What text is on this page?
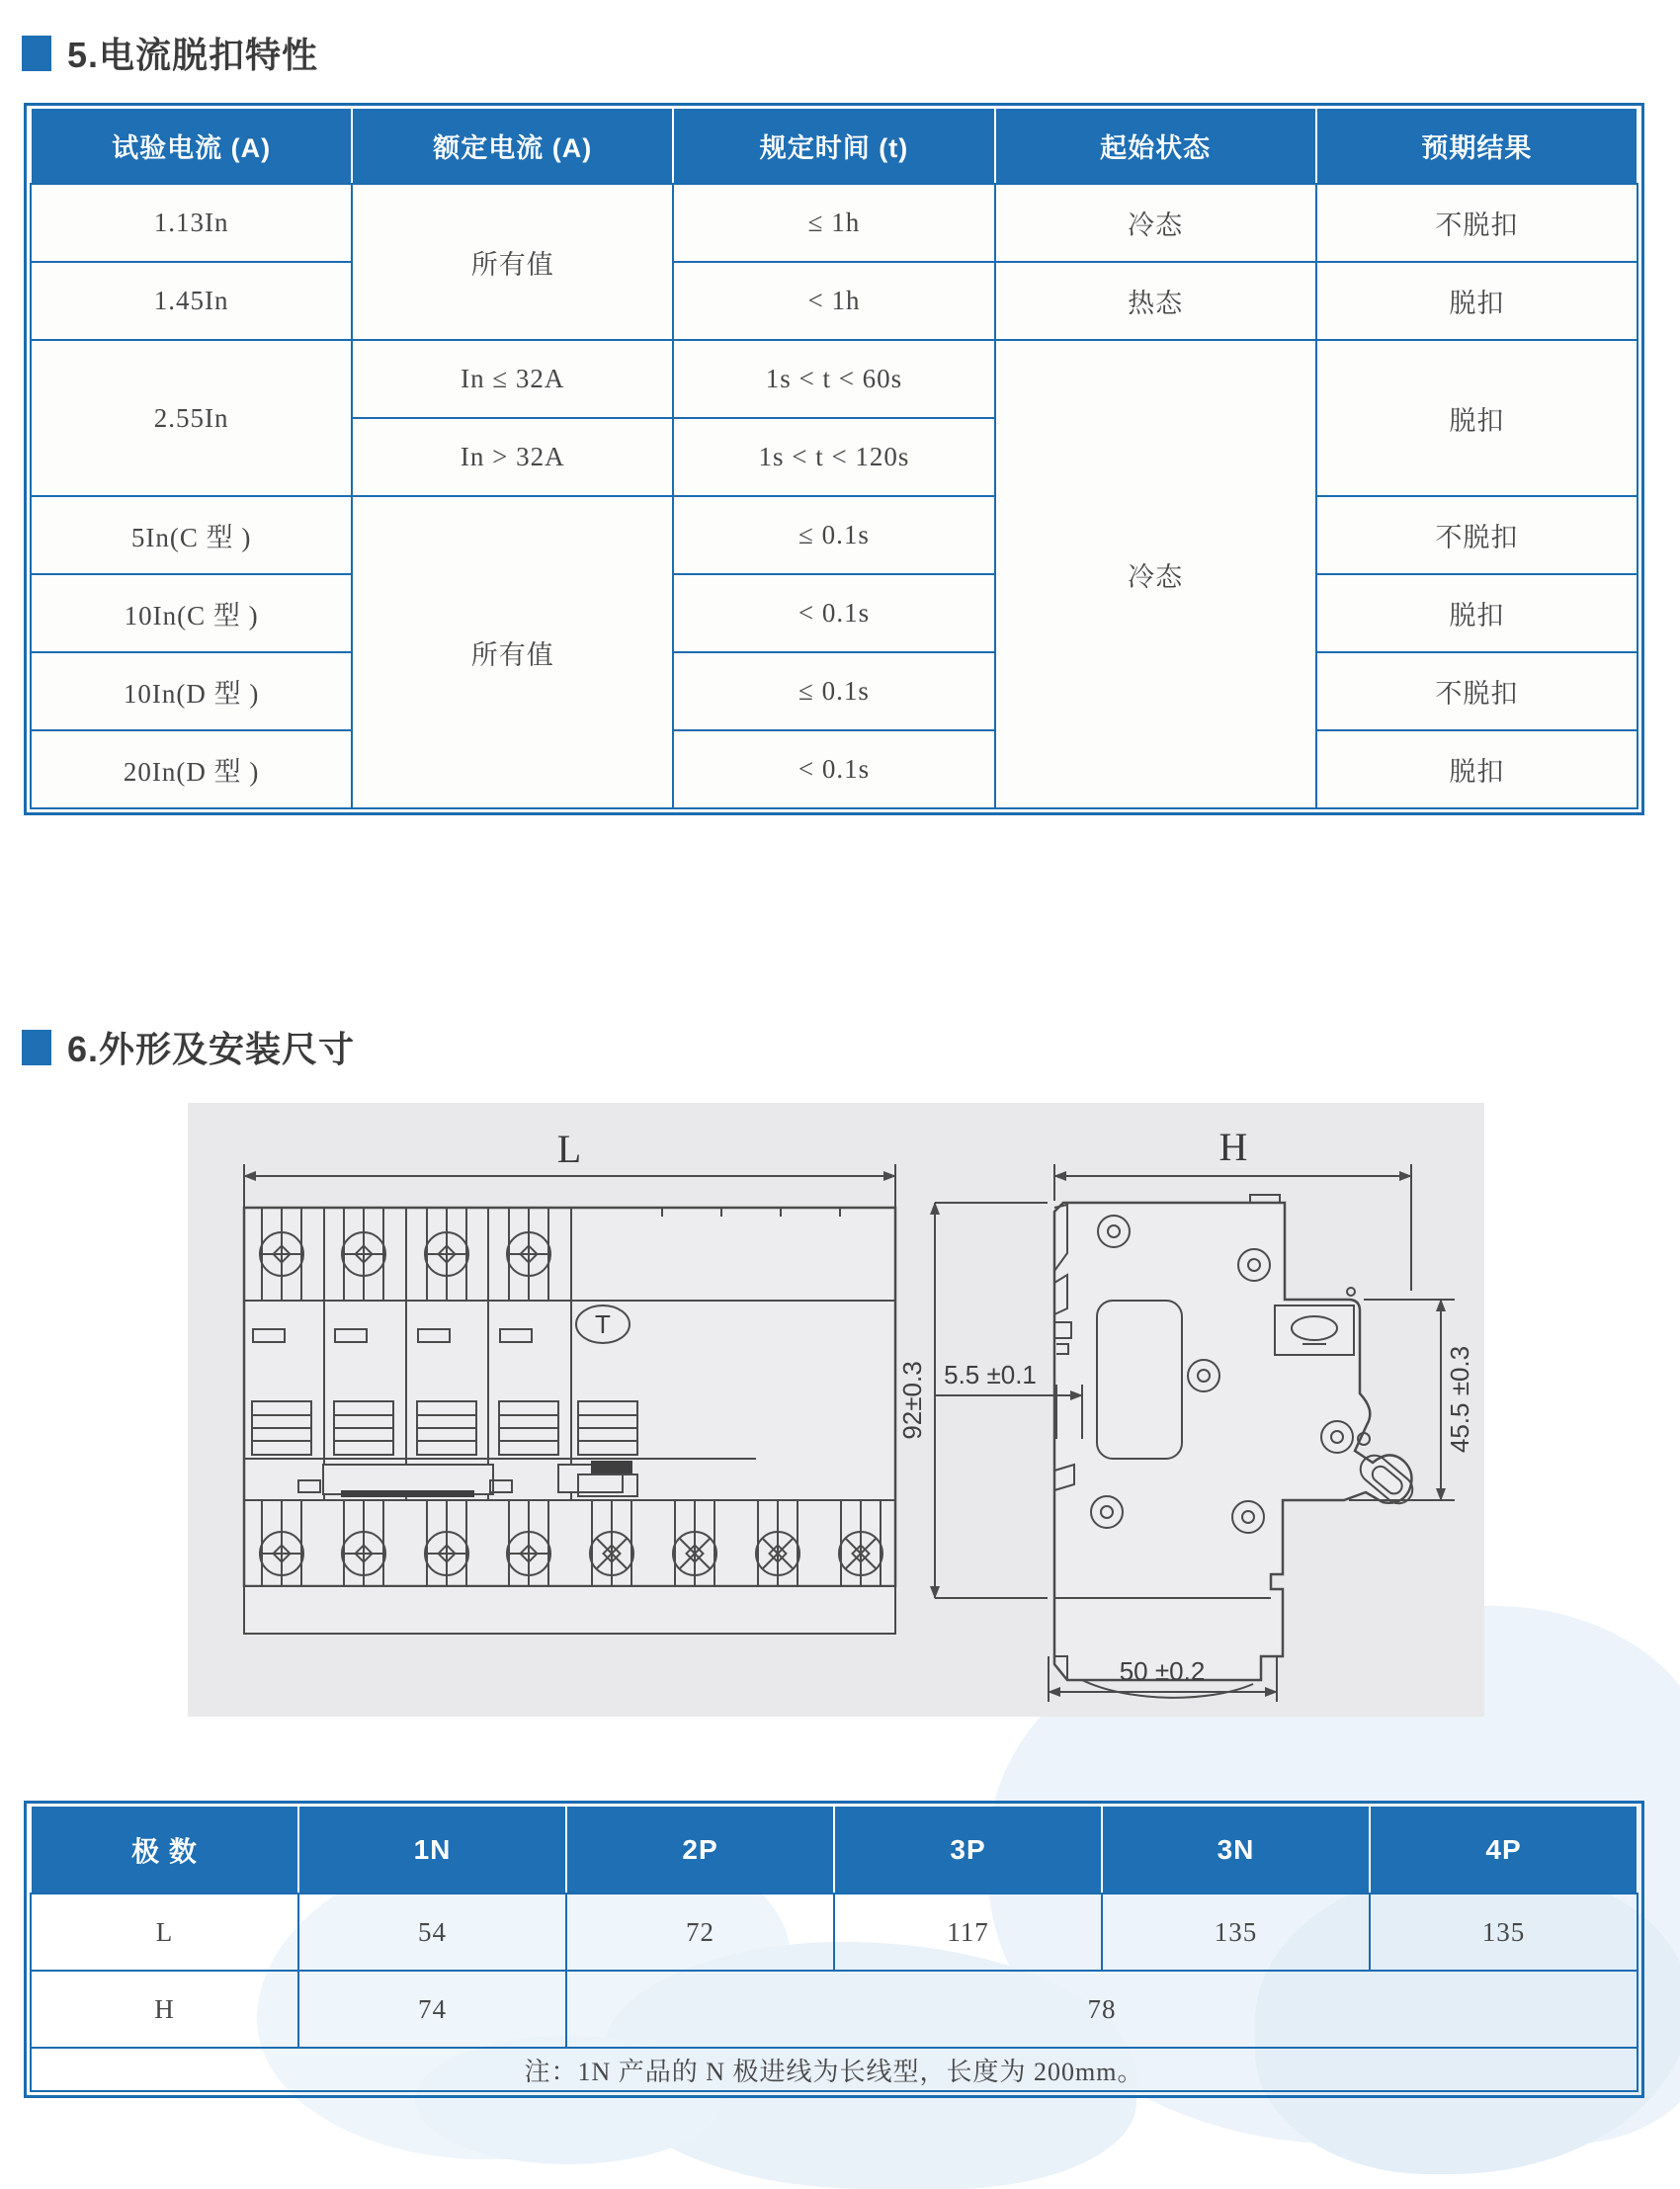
5.电流脱扣特性
试验电流 (A)	额定电流 (A)	规定时间 (t)	起始状态	预期结果
1.13In	所有值	≤ 1h	冷态	不脱扣
1.45In		< 1h	热态	脱扣
2.55In	In ≤ 32A	1s < t < 60s	冷态	脱扣
	In > 32A	1s < t < 120s		
5In(C 型 )	所有值	≤ 0.1s		不脱扣
10In(C 型 )		< 0.1s		脱扣
10In(D 型 )		≤ 0.1s		不脱扣
20In(D 型 )		< 0.1s		脱扣
6.外形及安装尺寸
L
T
H
92±0.3 5.5 ±0.1	45.5 ±0.3
50 ±0.2
极 数	1N	2P	3P	3N	4P
L	54	72	117	135	135
H	74	78			
注：1N 产品的 N 极进线为长线型，长度为 200mm。					
